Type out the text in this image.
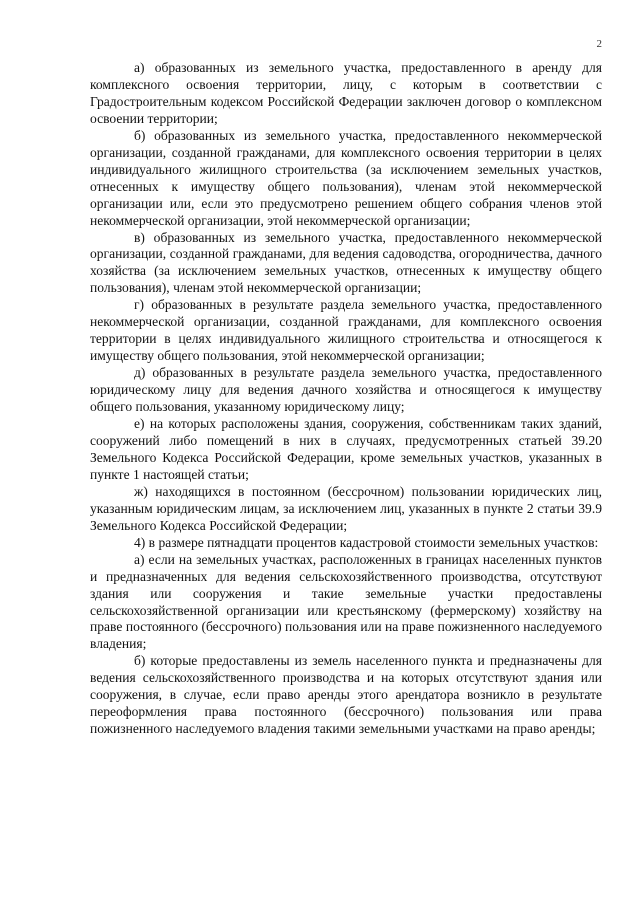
2

а) образованных из земельного участка, предоставленного в аренду для комплексного освоения территории, лицу, с которым в соответствии с Градостроительным кодексом Российской Федерации заключен договор о комплексном освоении территории;

б) образованных из земельного участка, предоставленного некоммерческой организации, созданной гражданами, для комплексного освоения территории в целях индивидуального жилищного строительства (за исключением земельных участков, отнесенных к имуществу общего пользования), членам этой некоммерческой организации или, если это предусмотрено решением общего собрания членов этой некоммерческой организации, этой некоммерческой организации;

в) образованных из земельного участка, предоставленного некоммерческой организации, созданной гражданами, для ведения садоводства, огородничества, дачного хозяйства (за исключением земельных участков, отнесенных к имуществу общего пользования), членам этой некоммерческой организации;

г) образованных в результате раздела земельного участка, предоставленного некоммерческой организации, созданной гражданами, для комплексного освоения территории в целях индивидуального жилищного строительства и относящегося к имуществу общего пользования, этой некоммерческой организации;

д) образованных в результате раздела земельного участка, предоставленного юридическому лицу для ведения дачного хозяйства и относящегося к имуществу общего пользования, указанному юридическому лицу;

е) на которых расположены здания, сооружения, собственникам таких зданий, сооружений либо помещений в них в случаях, предусмотренных статьей 39.20 Земельного Кодекса Российской Федерации, кроме земельных участков, указанных в пункте 1 настоящей статьи;

ж) находящихся в постоянном (бессрочном) пользовании юридических лиц, указанным юридическим лицам, за исключением лиц, указанных в пункте 2 статьи 39.9 Земельного Кодекса Российской Федерации;

4) в размере пятнадцати процентов кадастровой стоимости земельных участков:

а) если на земельных участках, расположенных в границах населенных пунктов и предназначенных для ведения сельскохозяйственного производства, отсутствуют здания или сооружения и такие земельные участки предоставлены сельскохозяйственной организации или крестьянскому (фермерскому) хозяйству на праве постоянного (бессрочного) пользования или на праве пожизненного наследуемого владения;

б) которые предоставлены из земель населенного пункта и предназначены для ведения сельскохозяйственного производства и на которых отсутствуют здания или сооружения, в случае, если право аренды этого арендатора возникло в результате переоформления права постоянного (бессрочного) пользования или права пожизненного наследуемого владения такими земельными участками на право аренды;
